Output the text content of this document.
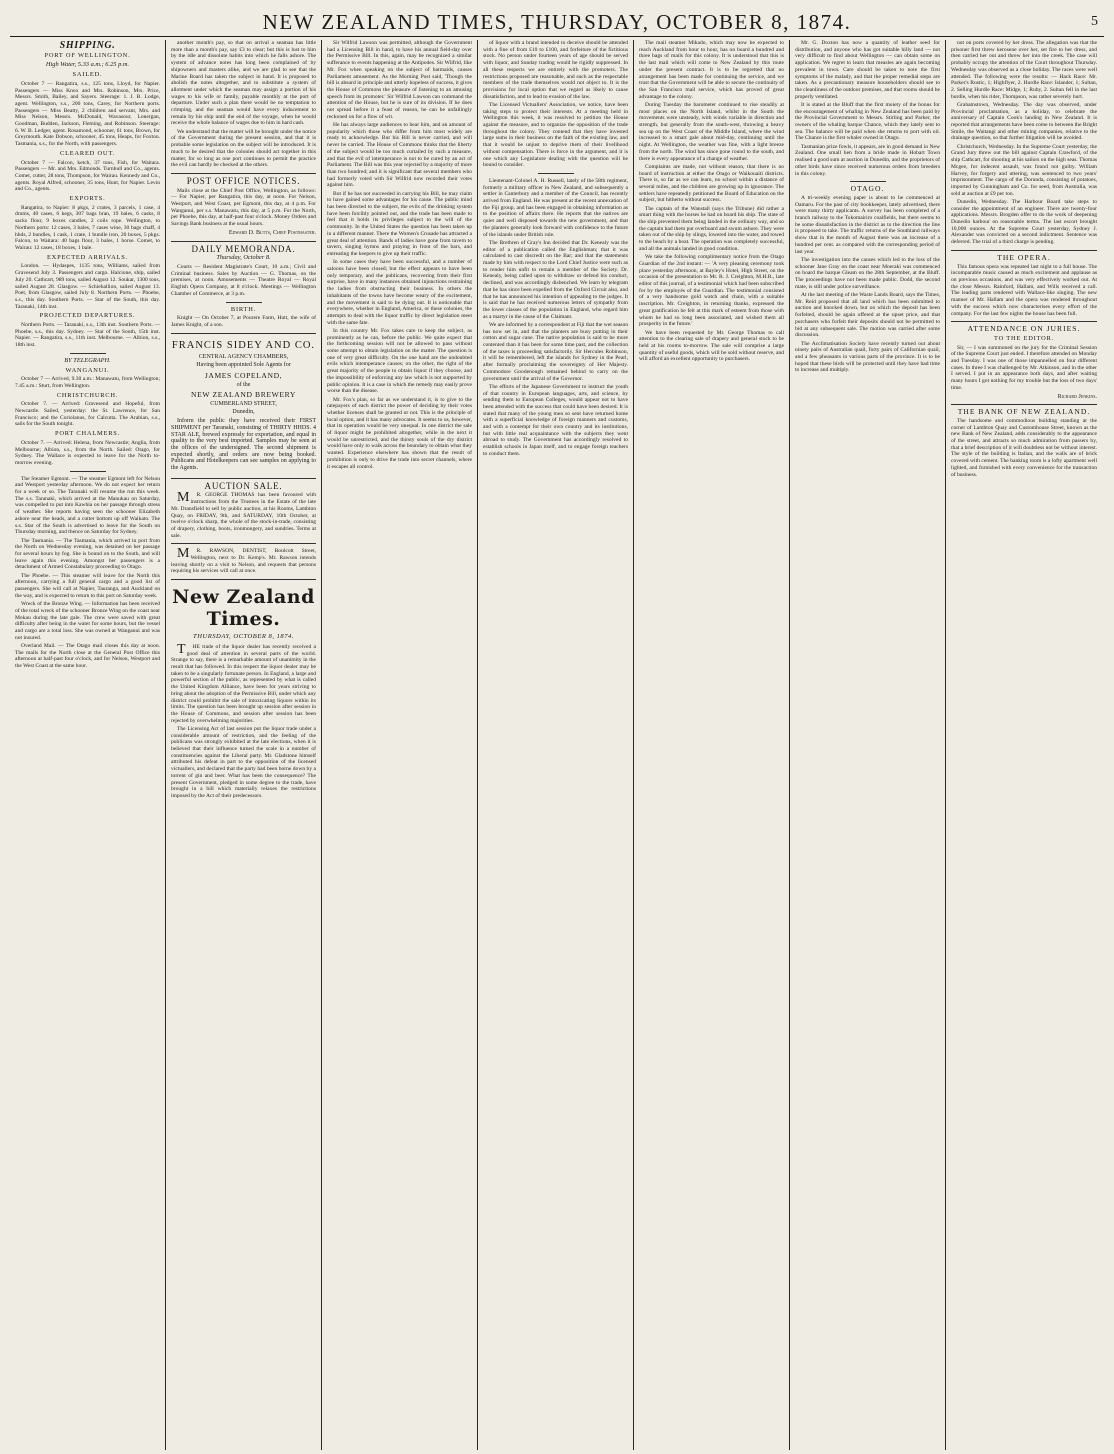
NEW ZEALAND TIMES, THURSDAY, OCTOBER 8, 1874.	5
SHIPPING.
PORT OF WELLINGTON.
High Water, 5.33 a.m.; 6.25 p.m.
SAILED.

October 7 — Rangatira, s.s., 125 tons, Lloyd, for Napier. Passengers — Miss Knox and Mrs. Robinson, Mrs. Price, Messrs. Smith, Bailey, and Sayers. Steerage: 1. J. B. Lodge, agent. Wellington, s.s., 200 tons, Carey, for Northern ports. Passengers — Miss Beatty, 2 children and servant, Mrs. and Miss Nelson, Messrs. McDonald, Wavasour, Lonergan, Goodman, Budden, Jackson, Fleming, and Robinson. Steerage: 6. W. B. Ledger, agent. Rosamond, schooner, 61 tons, Brown, for Greymouth. Kate Dobson, schooner, 45 tons, Heaps, for Foxton. Tasmania, s.s., for the North, with passengers.

CLEARED OUT.

October 7 — Falcon, ketch, 37 tons, Fish, for Waitara. Passengers — Mr. and Mrs. Edmonds. Turnbull and Co., agents. Comet, cutter, 28 tons, Thompson, for Wairau. Kennedy and Co., agents. Royal Alfred, schooner, 35 tons, Hunt, for Napier. Levin and Co., agents.

EXPORTS.

Rangatira, to Napier: 8 pkgs, 2 crates, 3 parcels, 1 case, 4 drums, 40 cases, 6 kegs, 307 bags bran, 19 bales, 6 casks, 8 sacks flour, 9 boxes candles, 2 coils rope. Wellington, to Northern ports: 12 cases, 3 bales, 7 cases wine, 30 bags chaff, 4 hhds, 2 bundles, 1 cask, 1 crate, 1 bundle iron, 20 boxes, 5 pkgs. Falcon, to Waitara: 40 bags flour, 3 bales, 1 horse. Comet, to Wairau: 12 cases, 18 boxes, 1 bale.

EXPECTED ARRIVALS.

London. — Hydaspes, 1135 tons, Williams, sailed from Gravesend July 3. Passengers and cargo. Halcione, ship, sailed July 20. Cathcart, 989 tons, sailed August 12. Soukar, 1300 tons, sailed August 28. Glasgow. — Schiehallion, sailed August 13. Poet, from Glasgow, sailed July 8. Northern Ports. — Phoebe, s.s., this day. Southern Ports. — Star of the South, this day. Taranaki, 14th inst.

PROJECTED DEPARTURES.

Northern Ports. — Taranaki, s.s., 13th inst. Southern Ports. — Phoebe, s.s., this day. Sydney. — Star of the South, 15th inst. Napier. — Rangatira, s.s., 11th inst. Melbourne. — Albion, s.s., 18th inst.

BY TELEGRAPH.
WANGANUI.

October 7 — Arrived, 9.30 a.m.: Manawatu, from Wellington; 7.45 a.m.: Sturt, from Wellington.

CHRISTCHURCH.

October 7. — Arrived: Gravesend and Hopeful, from Newcastle. Sailed, yesterday: the St. Lawrence, for San Francisco; and the Coriolanus, for Calcutta. The Arabian, s.s., sails for the South tonight.

PORT CHALMERS.

October 7. — Arrived: Helena, from Newcastle; Anglia, from Melbourne; Albion, s.s., from the North. Sailed: Otago, for Sydney. The Wallace is expected to leave for the North to-morrow evening.

The Steamer Egmont. — The steamer Egmont left for Nelson and Westport yesterday afternoon. We do not expect her return for a week or so. The Taranaki will resume the run this week. The s.s. Taranaki, which arrived at the Manukau on Saturday, was compelled to put into Kawhia on her passage through stress of weather. She reports having seen the schooner Elizabeth ashore near the heads, and a cutter bottom up off Waikato. The s.s. Star of the South is advertised to leave for the South on Thursday morning, and thence on Saturday for Sydney.

The Tasmania. — The Tasmania, which arrived in port from the North on Wednesday evening, was detained on her passage for several hours by fog. She is bound on to the South, and will leave again this evening. Amongst her passengers is a detachment of Armed Constabulary proceeding to Otago.

The Phoebe. — This steamer will leave for the North this afternoon, carrying a full general cargo and a good list of passengers. She will call at Napier, Tauranga, and Auckland on the way, and is expected to return to this port on Saturday week.

Wreck of the Bronze Wing. — Information has been received of the total wreck of the schooner Bronze Wing on the coast near Mokau during the late gale. The crew were saved with great difficulty after being in the water for some hours, but the vessel and cargo are a total loss. She was owned at Wanganui and was not insured.

Overland Mail. — The Otago mail closes this day at noon. The mails for the North close at the General Post Office this afternoon at half-past four o'clock, and for Nelson, Westport and the West Coast at the same hour.

another month's pay, so that on arrival a seaman has little more than a month's pay, say £3 to clear; but this is lost to him by the idle and dissolute habits into which he falls ashore. The system of advance notes has long been complained of by shipowners and masters alike, and we are glad to see that the Marine Board has taken the subject in hand. It is proposed to abolish the notes altogether, and to substitute a system of allotment under which the seaman may assign a portion of his wages to his wife or family, payable monthly at the port of departure. Under such a plan there would be no temptation to crimping, and the seaman would have every inducement to remain by his ship until the end of the voyage, when he would receive the whole balance of wages due to him in hard cash.

We understand that the matter will be brought under the notice of the Government during the present session, and that it is probable some legislation on the subject will be introduced. It is much to be desired that the colonies should act together in this matter, for so long as one port continues to permit the practice the evil can hardly be checked at the others.

POST OFFICE NOTICES.

Mails close at the Chief Post Office, Wellington, as follows: — For Napier, per Rangatira, this day, at noon. For Nelson, Westport, and West Coast, per Egmont, this day, at 4 p.m. For Wanganui, per s.s. Manawatu, this day, at 5 p.m. For the North, per Phoebe, this day, at half-past four o'clock. Money Orders and Savings Bank business at the usual hours.

Edward D. Butts, Chief Postmaster.
DAILY MEMORANDA.
Thursday, October 8.

Courts — Resident Magistrate's Court, 10 a.m.; Civil and Criminal business. Sales by Auction — G. Thomas, on the premises, at noon. Amusements — Theatre Royal — Royal English Opera Company, at 8 o'clock. Meetings — Wellington Chamber of Commerce, at 3 p.m.

BIRTH.

Knight — On October 7, at Pourere Farm, Hutt, the wife of James Knight, of a son.

FRANCIS SIDEY AND CO.
CENTRAL AGENCY CHAMBERS,
Having been appointed Sole Agents for
JAMES COPELAND,
of the
NEW ZEALAND BREWERY
CUMBERLAND STREET,
Dunedin,

Inform the public they have received their FIRST SHIPMENT per Taranaki, consisting of THIRTY HHDS. 4 STAR ALE, brewed expressly for exportation, and equal in quality to the very best imported. Samples may be seen at the offices of the undersigned. The second shipment is expected shortly, and orders are now being booked. Publicans and Hotelkeepers can see samples on applying to the Agents.

AUCTION SALE.

MR. GEORGE THOMAS has been favoured with instructions from the Trustees in the Estate of the late Mr. Dransfield to sell by public auction, at his Rooms, Lambton Quay, on FRIDAY, 9th, and SATURDAY, 10th October, at twelve o'clock sharp, the whole of the stock-in-trade, consisting of drapery, clothing, boots, ironmongery, and sundries. Terms at sale.

MR. RAWSON, DENTIST, Boulcott Street, Wellington, next to Dr. Kemp's. Mr. Rawson intends leaving shortly on a visit to Nelson, and requests that persons requiring his services will call at once.

New Zealand Times.
THURSDAY, OCTOBER 8, 1874.

THE trade of the liquor dealer has recently received a good deal of attention in several parts of the world. Strange to say, there is a remarkable amount of unanimity in the result that has followed. In this respect the liquor dealer may be taken to be a singularly fortunate person. In England, a large and powerful section of the public, as represented by what is called the United Kingdom Alliance, have been for years striving to bring about the adoption of the Permissive Bill, under which any district could prohibit the sale of intoxicating liquors within its limits. The question has been brought up session after session in the House of Commons, and session after session has been rejected by overwhelming majorities.

The Licensing Act of last session put the liquor trade under a considerable amount of restriction, and the feeling of the publicans was strongly exhibited at the late elections, when it is believed that their influence turned the scale in a number of constituencies against the Liberal party. Mr. Gladstone himself attributed his defeat in part to the opposition of the licensed victuallers, and declared that the party had been borne down by a torrent of gin and beer. What has been the consequence? The present Government, pledged in some degree to the trade, have brought in a bill which materially relaxes the restrictions imposed by the Act of their predecessors.

Sir Wilfrid Lawson was permitted, although the Government had a Licensing Bill in hand, to have his annual field-day over the Permissive Bill. In this, again, may be recognized a similar sufferance to events happening at the Antipodes. Sir Wilfrid, like Mr. Fox when speaking on the subject of barmaids, causes Parliament amusement. As the Morning Post said, 'Though the bill is absurd in principle and utterly hopeless of success, it gives the House of Commons the pleasure of listening to an amusing speech from its promoter.' Sir Wilfrid Lawson can command the attention of the House, but he is sure of its division. If he does not spread before it a feast of reason, he can be unfailingly reckoned on for a flow of wit.

He has always large audiences to hear him, and an amount of popularity which those who differ from him most widely are ready to acknowledge. But his Bill is never carried, and will never be carried. The House of Commons thinks that the liberty of the subject would be too much curtailed by such a measure, and that the evil of intemperance is not to be cured by an act of Parliament. The Bill was this year rejected by a majority of more than two hundred; and it is significant that several members who had formerly voted with Sir Wilfrid now recorded their votes against him.

But if he has not succeeded in carrying his Bill, he may claim to have gained some advantages for his cause. The public mind has been directed to the subject, the evils of the drinking system have been forcibly pointed out, and the trade has been made to feel that it holds its privileges subject to the will of the community. In the United States the question has been taken up in a different manner. There the Women's Crusade has attracted a great deal of attention. Bands of ladies have gone from tavern to tavern, singing hymns and praying in front of the bars, and entreating the keepers to give up their traffic.

In some cases they have been successful, and a number of saloons have been closed; but the effect appears to have been only temporary, and the publicans, recovering from their first surprise, have in many instances obtained injunctions restraining the ladies from obstructing their business. In others the inhabitants of the towns have become weary of the excitement, and the movement is said to be dying out. It is noticeable that everywhere, whether in England, America, or these colonies, the attempts to deal with the liquor traffic by direct legislation meet with the same fate.

In this country Mr. Fox takes care to keep the subject, as prominently as he can, before the public. We quite expect that the forthcoming session will not be allowed to pass without some attempt to obtain legislation on the matter. The question is one of very great difficulty. On the one hand are the undoubted evils which intemperance causes; on the other, the right of the great majority of the people to obtain liquor if they choose, and the impossibility of enforcing any law which is not supported by public opinion. It is a case in which the remedy may easily prove worse than the disease.

Mr. Fox's plan, so far as we understand it, is to give to the ratepayers of each district the power of deciding by their votes whether licenses shall be granted or not. This is the principle of local option, and it has many advocates. It seems to us, however, that its operation would be very unequal. In one district the sale of liquor might be prohibited altogether, while in the next it would be unrestricted, and the thirsty souls of the dry district would have only to walk across the boundary to obtain what they wanted. Experience elsewhere has shown that the result of prohibition is only to drive the trade into secret channels, where it escapes all control.

of liquor with a brand intended to deceive should be attended with a fine of from £10 to £100, and forfeiture of the fictitious stock. No person under fourteen years of age should be served with liquor, and Sunday trading would be rigidly suppressed. In all these respects we are entirely with the promoters. The restrictions proposed are reasonable, and such as the respectable members of the trade themselves would not object to. It is the provisions for local option that we regard as likely to cause dissatisfaction, and to lead to evasion of the law.

The Licensed Victuallers' Association, we notice, have been taking steps to protect their interests. At a meeting held in Wellington this week, it was resolved to petition the House against the measure, and to organize the opposition of the trade throughout the colony. They contend that they have invested large sums in their business on the faith of the existing law, and that it would be unjust to deprive them of their livelihood without compensation. There is force in the argument, and it is one which any Legislature dealing with the question will be bound to consider.

Lieutenant-Colonel A. H. Russell, lately of the 58th regiment, formerly a military officer in New Zealand, and subsequently a settler in Canterbury and a member of the Council, has recently arrived from England. He was present at the recent annexation of the Fiji group, and has been engaged in obtaining information as to the position of affairs there. He reports that the natives are quiet and well disposed towards the new government, and that the planters generally look forward with confidence to the future of the islands under British rule.

The Brethren of Gray's Inn decided that Dr. Kenealy was the editor of a publication called the Englishman; that it was calculated to cast discredit on the Bar; and that the statements made by him with respect to the Lord Chief Justice were such as to render him unfit to remain a member of the Society. Dr. Kenealy, being called upon to withdraw or defend his conduct, declined, and was accordingly disbenched. We learn by telegram that he has since been expelled from the Oxford Circuit also, and that he has announced his intention of appealing to the judges. It is said that he has received numerous letters of sympathy from the lower classes of the population in England, who regard him as a martyr in the cause of the Claimant.

We are informed by a correspondent at Fiji that the wet season has now set in, and that the planters are busy putting in their cotton and sugar cane. The native population is said to be more contented than it has been for some time past, and the collection of the taxes is proceeding satisfactorily. Sir Hercules Robinson, it will be remembered, left the islands for Sydney in the Pearl, after formally proclaiming the sovereignty of Her Majesty. Commodore Goodenough remained behind to carry on the government until the arrival of the Governor.

The efforts of the Japanese Government to instruct the youth of that country in European languages, arts, and science, by sending them to European Colleges, would appear not to have been attended with the success that could have been desired. It is stated that many of the young men so sent have returned home with a superficial knowledge of foreign manners and customs, and with a contempt for their own country and its institutions, but with little real acquaintance with the subjects they went abroad to study. The Government has accordingly resolved to establish schools in Japan itself, and to engage foreign teachers to conduct them.

The mail steamer Mikado, which may now be expected to reach Auckland from hour to hour, has on board a hundred and three bags of mails for this colony. It is understood that this is the last mail which will come to New Zealand by this route under the present contract. It is to be regretted that no arrangement has been made for continuing the service, and we trust that the Government will be able to secure the continuity of the San Francisco mail service, which has proved of great advantage to the colony.

During Tuesday the barometer continued to rise steadily at most places on the North Island, whilst in the South the movements were unsteady, with winds variable in direction and strength, but generally from the south-west, throwing a heavy sea up on the West Coast of the Middle Island, where the wind increased to a smart gale about mid-day, continuing until the night. At Wellington, the weather was fine, with a light breeze from the north. The wind has since gone round to the south, and there is every appearance of a change of weather.

Complaints are made, not without reason, that there is no board of instruction at either the Otago or Waikouaiti districts. There is, so far as we can learn, no school within a distance of several miles, and the children are growing up in ignorance. The settlers have repeatedly petitioned the Board of Education on the subject, but hitherto without success.

The captain of the Wanstall (says the Tribune) did rather a smart thing with the horses he had on board his ship. The state of the ship prevented them being landed in the ordinary way, and so the captain had them put overboard and swum ashore. They were taken out of the ship by slings, lowered into the water, and towed to the beach by a boat. The operation was completely successful, and all the animals landed in good condition.

We take the following complimentary notice from the Otago Guardian of the 2nd instant: — 'A very pleasing ceremony took place yesterday afternoon, at Bayley's Hotel, High Street, on the occasion of the presentation to Mr. R. J. Creighton, M.H.R., late editor of this journal, of a testimonial which had been subscribed for by the employés of the Guardian. The testimonial consisted of a very handsome gold watch and chain, with a suitable inscription. Mr. Creighton, in returning thanks, expressed the great gratification he felt at this mark of esteem from those with whom he had so long been associated, and wished them all prosperity in the future.'

We have been requested by Mr. George Thomas to call attention to the clearing sale of drapery and general stock to be held at his rooms to-morrow. The sale will comprise a large quantity of useful goods, which will be sold without reserve, and will afford an excellent opportunity to purchasers.

Mr. G. Doxton has now a quantity of leather seed for distribution, and anyone who has got suitable hilly land — not very difficult to find about Wellington — can obtain some on application. We regret to learn that measles are again becoming prevalent in town. Care should be taken to note the first symptoms of the malady, and that the proper remedial steps are taken. As a precautionary measure householders should see to the cleanliness of the outdoor premises, and that rooms should be properly ventilated.

It is stated at the Bluff that the first moiety of the bonus for the encouragement of whaling in New Zealand has been paid by the Provincial Government to Messrs. Stirling and Parker, the owners of the whaling barque Chance, which they lately sent to sea. The balance will be paid when she returns to port with oil. The Chance is the first whaler owned in Otago.

Tasmanian prize fowls, it appears, are in good demand in New Zealand. One small hen from a bride made in Hobart Town realised a good sum at auction in Dunedin, and the proprietors of other birds have since received numerous orders from breeders in this colony.

OTAGO.

A tri-weekly evening paper is about to be commenced at Oamaru. For the past of city bookkeeper, lately advertised, there were many thirty applicants. A survey has been completed of a branch railway to the Tokomairiro coalfields, but there seems to be some dissatisfaction in the district as to the direction the line is proposed to take. The traffic returns of the Southland railways show that in the month of August there was an increase of a hundred per cent. as compared with the corresponding period of last year.

The investigation into the causes which led to the loss of the schooner Jane Gray on the coast near Moeraki was commenced on board the barque Gleam on the 28th September, at the Bluff. The proceedings have not been made public. Dodd, the second mate, is still under police surveillance.

At the last meeting of the Waste Lands Board, says the Times, Mr. Reid proposed that all land which has been submitted to auction and knocked down, but on which the deposit has been forfeited, should be again offered at the upset price, and that purchasers who forfeit their deposits should not be permitted to bid at any subsequent sale. The motion was carried after some discussion.

The Acclimatisation Society have recently turned out about ninety pairs of Australian quail, forty pairs of Californian quail, and a few pheasants in various parts of the province. It is to be hoped that these birds will be protected until they have had time to increase and multiply.

not on ports covered by her dress. The allegation was that the prisoner first threw kerosene over her, set fire to her dress, and then carried her out and threw her into the creek. The case will probably occupy the attention of the Court throughout Thursday. Wednesday was observed as a close holiday. The races were well attended. The following were the results: — Hack Race: Mr. Parker's Rustic, 1; Highflyer, 2. Hurdle Race: Islander, 1; Sultan, 2. Selling Hurdle Race: Midge, 1; Ruby, 2. Sultan fell in the last hurdle, when his rider, Thompson, was rather severely hurt.

Grahamstown, Wednesday. The day was observed, under Provincial proclamation, as a holiday, to celebrate the anniversary of Captain Cook's landing in New Zealand. It is reported that arrangements have been come to between the Bright Smile, the Waitangi and other mining companies, relative to the drainage question, so that further litigation will be avoided.

Christchurch, Wednesday. In the Supreme Court yesterday, the Grand Jury threw out the bill against Captain Crawford, of the ship Cathcart, for shooting at his sailors on the high seas. Thomas Mcgee, for indecent assault, was found not guilty. William Harvey, for forgery and uttering, was sentenced to two years' imprisonment. The cargo of the Dorunda, consisting of potatoes, imported by Cunningham and Co. for seed, from Australia, was sold at auction at £9 per ton.

Dunedin, Wednesday. The Harbour Board take steps to consider the appointment of an engineer. There are twenty-four applications. Messrs. Brogden offer to do the work of deepening Dunedin harbour on reasonable terms. The last escort brought 10,000 ounces. At the Supreme Court yesterday, Sydney J. Alexander was convicted on a second indictment. Sentence was deferred. The trial of a third charge is pending.

THE OPERA.

This famous opera was repeated last night to a full house. The incomparable music caused as much excitement and applause as on previous occasions, and was very effectively worked out. At the close Messrs. Rainford, Hallam, and Wills received a call. The leading parts rendered with Wallace-like singing. The new manner of Mr. Hallam and the opera was rendered throughout with the success which now characterises every effort of the company. For the last few nights the house has been full.

ATTENDANCE ON JURIES.
TO THE EDITOR.

Sir, — I was summoned on the jury for the Criminal Session of the Supreme Court just ended. I therefore attended on Monday and Tuesday. I was one of those impannelled on four different cases. In three I was challenged by Mr. Atkinson, and in the other I served. I put in an appearance both days, and after waiting many hours I got nothing for my trouble but the loss of two days' time.

Richard Jenkins.
THE BANK OF NEW ZEALAND.

The handsome and commodious building standing at the corner of Lambton Quay and Customhouse Street, known as the new Bank of New Zealand, adds considerably to the appearance of the street, and attracts so much admiration from passers by, that a brief description of it will doubtless not be without interest. The style of the building is Italian, and the walls are of brick covered with cement. The banking room is a lofty apartment well lighted, and furnished with every convenience for the transaction of business.
